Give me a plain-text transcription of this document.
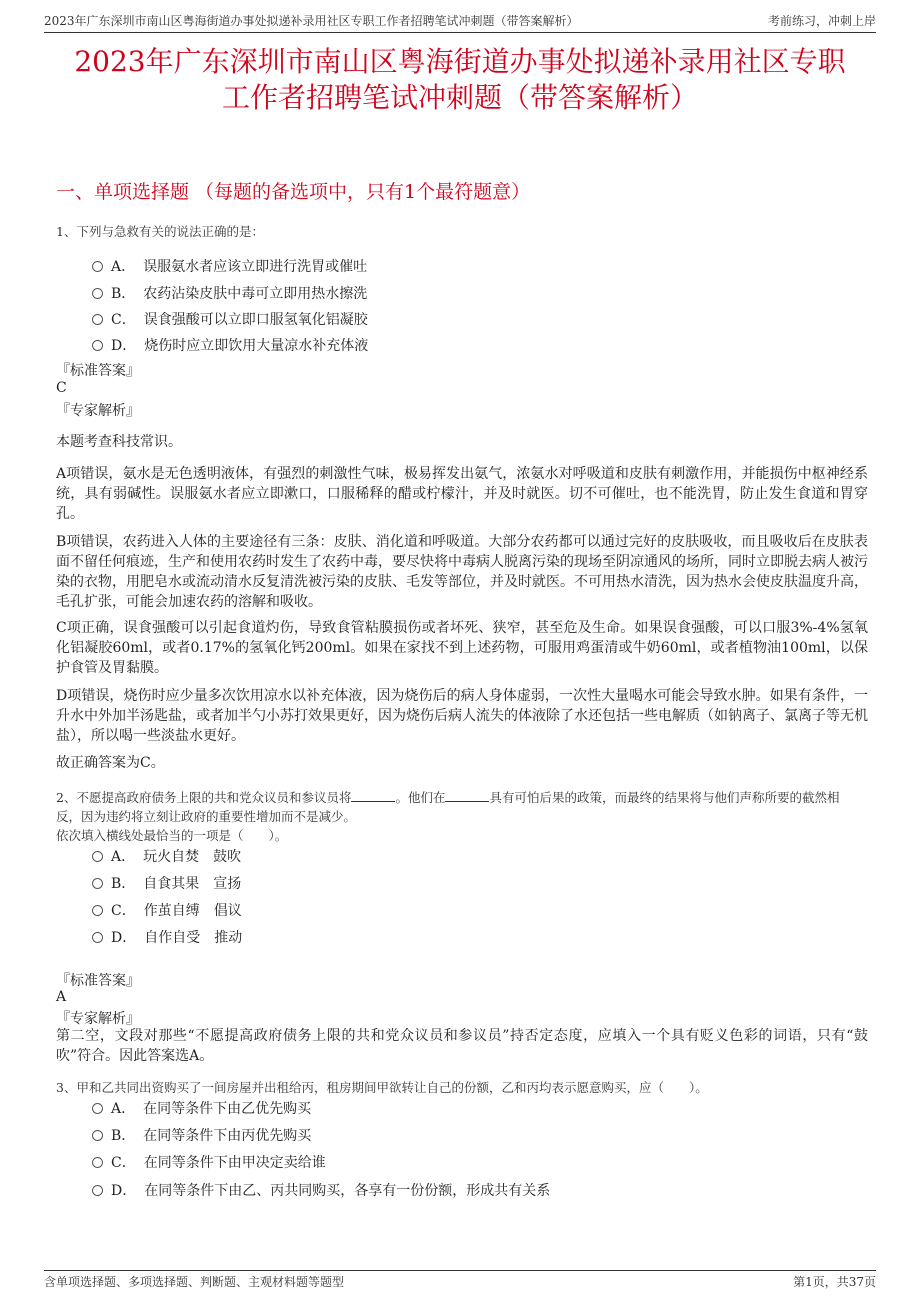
2023年广东深圳市南山区粤海街道办事处拟递补录用社区专职工作者招聘笔试冲刺题（带答案解析）	考前练习，冲刺上岸
2023年广东深圳市南山区粤海街道办事处拟递补录用社区专职
工作者招聘笔试冲刺题（带答案解析）
一、单项选择题 （每题的备选项中，只有1个最符题意）
1、下列与急救有关的说法正确的是：
A． 误服氨水者应该立即进行洗胃或催吐
B． 农药沾染皮肤中毒可立即用热水擦洗
C． 误食强酸可以立即口服氢氧化铝凝胶
D． 烧伤时应立即饮用大量凉水补充体液
『标准答案』
C
『专家解析』
本题考查科技常识。
A项错误，氨水是无色透明液体，有强烈的刺激性气味，极易挥发出氨气，浓氨水对呼吸道和皮肤有刺激作用，并能损伤中枢神经系统，具有弱碱性。误服氨水者应立即漱口，口服稀释的醋或柠檬汁，并及时就医。切不可催吐，也不能洗胃，防止发生食道和胃穿孔。
B项错误，农药进入人体的主要途径有三条：皮肤、消化道和呼吸道。大部分农药都可以通过完好的皮肤吸收，而且吸收后在皮肤表面不留任何痕迹，生产和使用农药时发生了农药中毒，要尽快将中毒病人脱离污染的现场至阴凉通风的场所，同时立即脱去病人被污染的衣物，用肥皂水或流动清水反复清洗被污染的皮肤、毛发等部位，并及时就医。不可用热水清洗，因为热水会使皮肤温度升高，毛孔扩张，可能会加速农药的溶解和吸收。
C项正确，误食强酸可以引起食道灼伤，导致食管粘膜损伤或者坏死、狭窄，甚至危及生命。如果误食强酸，可以口服3%-4%氢氧化铝凝胶60ml，或者0.17%的氢氧化钙200ml。如果在家找不到上述药物，可服用鸡蛋清或牛奶60ml，或者植物油100ml，以保护食管及胃黏膜。
D项错误，烧伤时应少量多次饮用凉水以补充体液，因为烧伤后的病人身体虚弱，一次性大量喝水可能会导致水肿。如果有条件，一升水中外加半汤匙盐，或者加半勺小苏打效果更好，因为烧伤后病人流失的体液除了水还包括一些电解质（如钠离子、氯离子等无机盐），所以喝一些淡盐水更好。
故正确答案为C。
2、不愿提高政府债务上限的共和党众议员和参议员将	。他们在	具有可怕后果的政策，而最终的结果将与他们声称所要的截然相
反，因为违约将立刻让政府的重要性增加而不是减少。
依次填入横线处最恰当的一项是（　　）。
A． 玩火自焚 鼓吹
B． 自食其果 宣扬
C． 作茧自缚 倡议
D． 自作自受 推动
『标准答案』
A
『专家解析』
第二空，文段对那些“不愿提高政府债务上限的共和党众议员和参议员”持否定态度，应填入一个具有贬义色彩的词语，只有“鼓吹”符合。因此答案选A。
3、甲和乙共同出资购买了一间房屋并出租给丙，租房期间甲欲转让自己的份额，乙和丙均表示愿意购买，应（　　）。
A． 在同等条件下由乙优先购买
B． 在同等条件下由丙优先购买
C． 在同等条件下由甲决定卖给谁
D． 在同等条件下由乙、丙共同购买，各享有一份份额，形成共有关系
含单项选择题、多项选择题、判断题、主观材料题等题型	第1页，共37页
